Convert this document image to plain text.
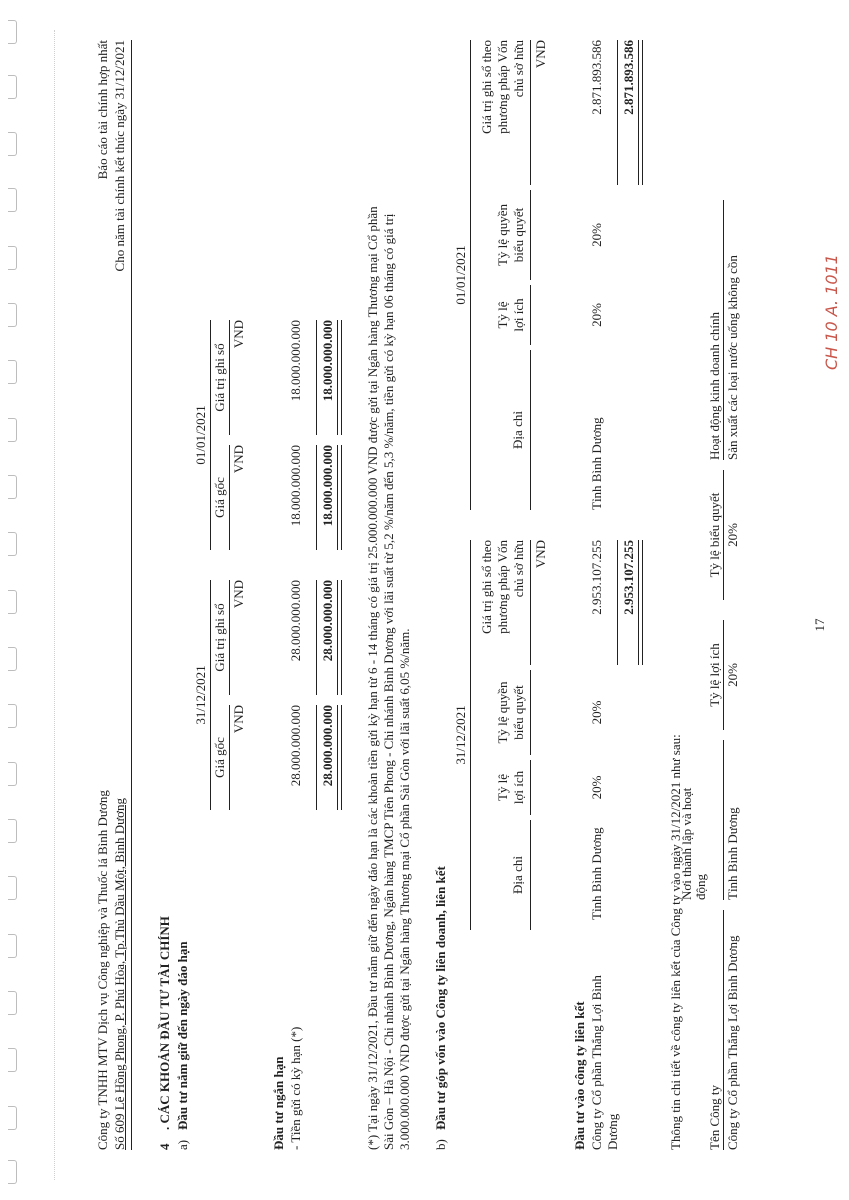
Công ty TNHH MTV Dịch vụ Công nghiệp và Thuốc lá Bình Dương Số 609 Lê Hồng Phong, P. Phú Hòa, Tp.Thủ Dầu Một, Bình Dương
Báo cáo tài chính hợp nhất Cho năm tài chính kết thúc ngày 31/12/2021
4
. CÁC KHOẢN ĐẦU TƯ TÀI CHÍNH
a)
Đầu tư nắm giữ đến ngày đáo hạn
31/12/2021
01/01/2021
Giá gốc
Giá trị ghi sổ
Giá gốc
Giá trị ghi sổ
VND
VND
VND
VND
Đầu tư ngắn hạn - Tiền gửi có kỳ hạn (*)
28.000.000.000
28.000.000.000
18.000.000.000
18.000.000.000
28.000.000.000
28.000.000.000
18.000.000.000
18.000.000.000 (*) Tại ngày 31/12/2021, Đầu tư nắm giữ đến ngày đáo hạn là các khoản tiền gửi kỳ hạn từ 6 - 14 tháng có giá trị 25.000.000.000 VND được gửi tại Ngân hàng Thương mại Cổ phần Sài Gòn – Hà Nội - Chi nhánh Bình Dương, Ngân hàng TMCP Tiên Phong - Chi nhánh Bình Dương với lãi suất từ 5,2 %/năm đến 5,3 %/năm, tiền gửi có kỳ hạn 06 tháng có giá trị 3.000.000.000 VND được gửi tại Ngân hàng Thương mại Cổ phần Sài Gòn với lãi suất 6,05 %/năm. b)
Đầu tư góp vốn vào Công ty liên doanh, liên kết
31/12/2021
01/01/2021
Địa chỉ
Tỷ lệ lợi ích
Tỷ lệ quyền biểu quyết
Giá trị ghi sổ theo phương pháp Vốn chủ sở hữu
Địa chỉ
Tỷ lệ lợi ích
Tỷ lệ quyền biểu quyết
Giá trị ghi sổ theo phương pháp Vốn chủ sở hữu
VND
VND
Đầu tư vào công ty liên kết Công ty Cổ phần Thắng Lợi Bình Dương
Tỉnh Bình Dương
20%
20%
2.953.107.255
Tỉnh Bình Dương
20%
20%
2.871.893.586
2.953.107.255
2.871.893.586
Thông tin chi tiết về công ty liên kết của Công ty vào ngày 31/12/2021 như sau: Tên Công ty
Nơi thành lập và hoạt động
Tỷ lệ lợi ích
Tỷ lệ biểu quyết
Hoạt động kinh doanh chính
Công ty Cổ phần Thắng Lợi Bình Dương
Tỉnh Bình Dương
20%
20%
Sản xuất các loại nước uống không cồn
17
CH 10 A. 1011
